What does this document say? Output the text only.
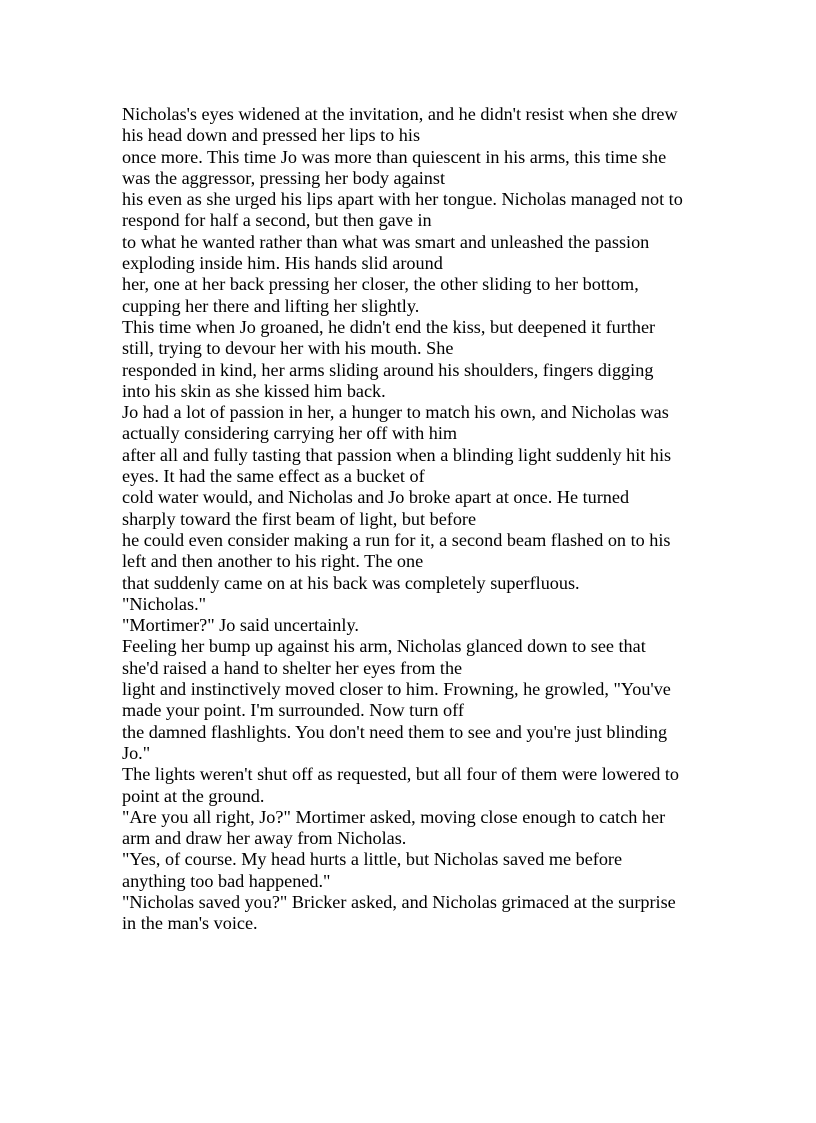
Nicholas's eyes widened at the invitation, and he didn't resist when she drew
his head down and pressed her lips to his
once more. This time Jo was more than quiescent in his arms, this time she
was the aggressor, pressing her body against
his even as she urged his lips apart with her tongue. Nicholas managed not to
respond for half a second, but then gave in
to what he wanted rather than what was smart and unleashed the passion
exploding inside him. His hands slid around
her, one at her back pressing her closer, the other sliding to her bottom,
cupping her there and lifting her slightly.
This time when Jo groaned, he didn't end the kiss, but deepened it further
still, trying to devour her with his mouth. She
responded in kind, her arms sliding around his shoulders, fingers digging
into his skin as she kissed him back.
Jo had a lot of passion in her, a hunger to match his own, and Nicholas was
actually considering carrying her off with him
after all and fully tasting that passion when a blinding light suddenly hit his
eyes. It had the same effect as a bucket of
cold water would, and Nicholas and Jo broke apart at once. He turned
sharply toward the first beam of light, but before
he could even consider making a run for it, a second beam flashed on to his
left and then another to his right. The one
that suddenly came on at his back was completely superfluous.
"Nicholas."
"Mortimer?" Jo said uncertainly.
Feeling her bump up against his arm, Nicholas glanced down to see that
she'd raised a hand to shelter her eyes from the
light and instinctively moved closer to him. Frowning, he growled, "You've
made your point. I'm surrounded. Now turn off
the damned flashlights. You don't need them to see and you're just blinding
Jo."
The lights weren't shut off as requested, but all four of them were lowered to
point at the ground.
"Are you all right, Jo?" Mortimer asked, moving close enough to catch her
arm and draw her away from Nicholas.
"Yes, of course. My head hurts a little, but Nicholas saved me before
anything too bad happened."
"Nicholas saved you?" Bricker asked, and Nicholas grimaced at the surprise
in the man's voice.
